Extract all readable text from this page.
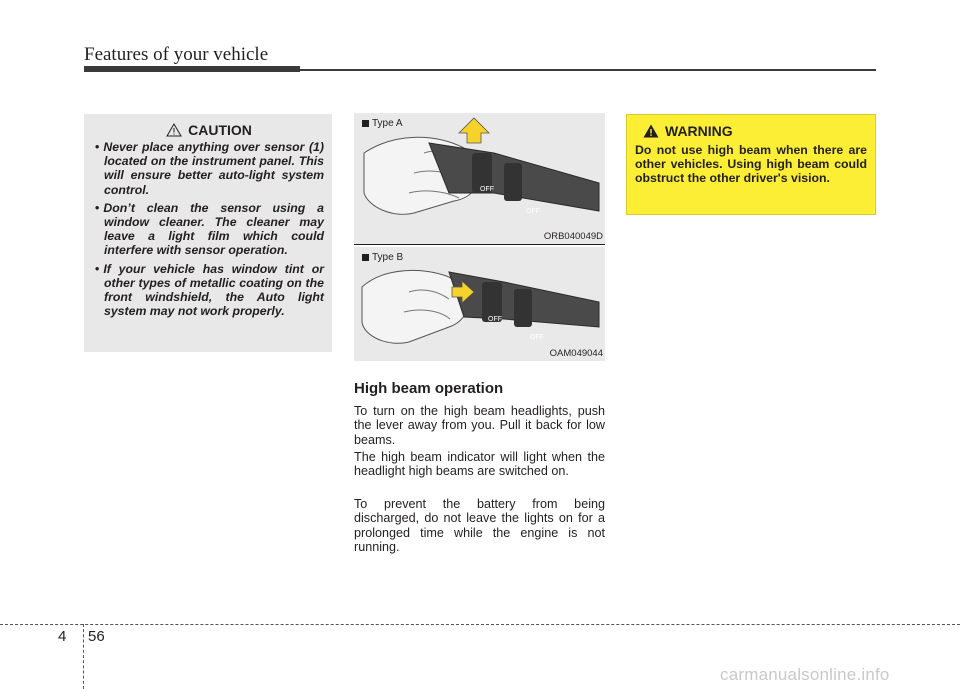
Features of your vehicle
CAUTION
• Never place anything over sensor (1) located on the instrument panel. This will ensure better auto-light system control.
• Don’t clean the sensor using a window cleaner. The cleaner may leave a light film which could interfere with sensor operation.
• If your vehicle has window tint or other types of metallic coating on the front windshield, the Auto light system may not work properly.
OFF
OFF
Type A
ORB040049D
OFF
OFF
Type B
OAM049044
High beam operation

To turn on the high beam headlights, push the lever away from you. Pull it back for low beams.

The high beam indicator will light when the headlight high beams are switched on.

To prevent the battery from being discharged, do not leave the lights on for a prolonged time while the engine is not running.

WARNING

Do not use high beam when there are other vehicles. Using high beam could obstruct the other driver's vision.

4 56
carmanualsonline.info
